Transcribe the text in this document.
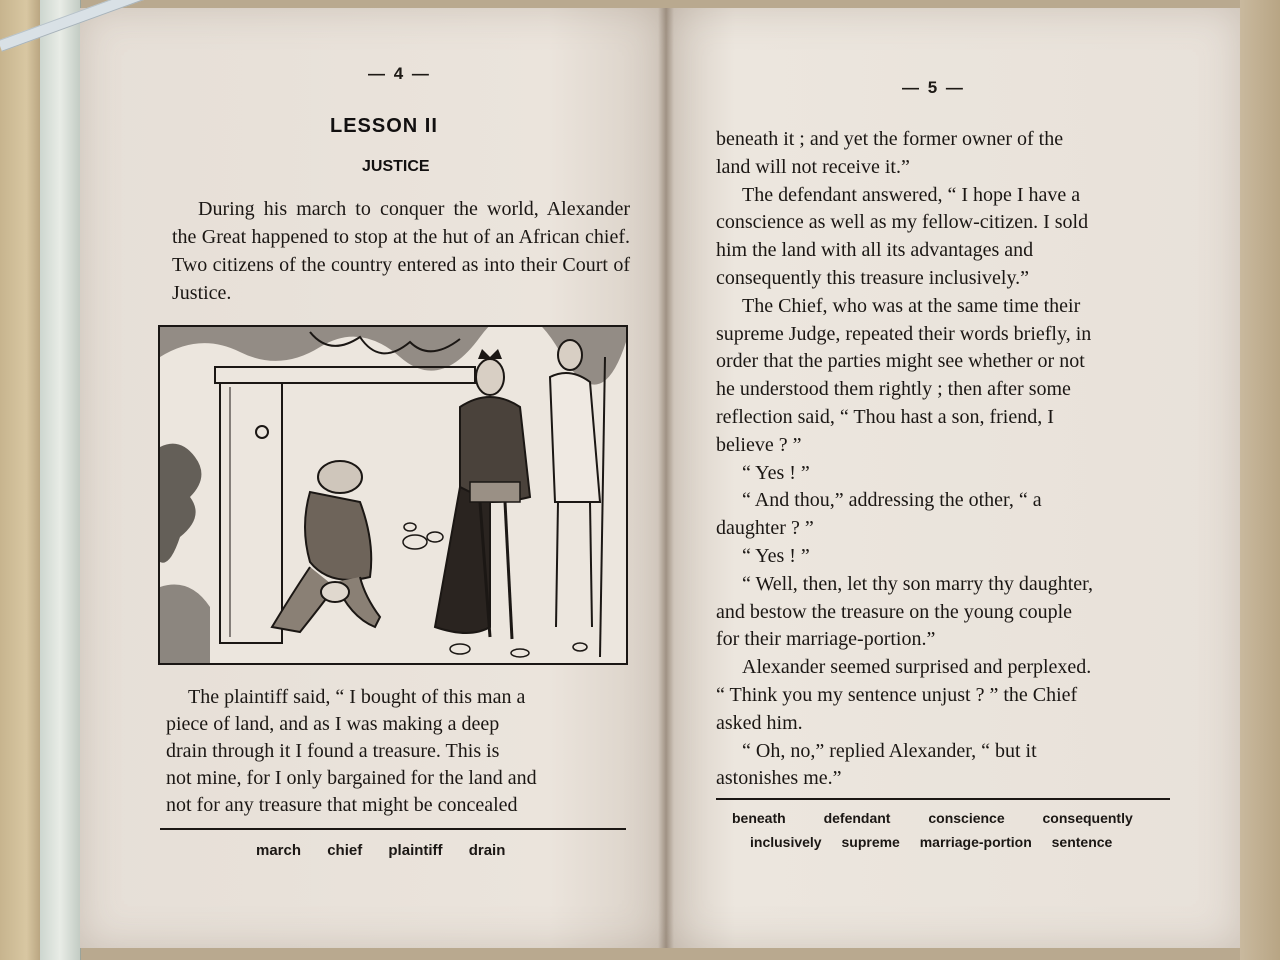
— 4 —
LESSON II
JUSTICE

During his march to conquer the world, Alexander the Great happened to stop at the hut of an African chief. Two citizens of the country entered as into their Court of Justice.

The plaintiff said, “ I bought of this man a

piece of land, and as I was making a deep

drain through it I found a treasure. This is

not mine, for I only bargained for the land and

not for any treasure that might be concealed

march chief plaintiff drain
— 5 —

beneath it ; and yet the former owner of the

land will not receive it.”

The defendant answered, “ I hope I have a

conscience as well as my fellow-citizen. I sold

him the land with all its advantages and

consequently this treasure inclusively.”

The Chief, who was at the same time their

supreme Judge, repeated their words briefly, in

order that the parties might see whether or not

he understood them rightly ; then after some

reflection said, “ Thou hast a son, friend, I

believe ? ”

“ Yes ! ”

“ And thou,” addressing the other, “ a

daughter ? ”

“ Yes ! ”

“ Well, then, let thy son marry thy daughter,

and bestow the treasure on the young couple

for their marriage-portion.”

Alexander seemed surprised and perplexed.

“ Think you my sentence unjust ? ” the Chief

asked him.

“ Oh, no,” replied Alexander, “ but it

astonishes me.”

beneath	defendant	conscience	consequently
inclusively supreme marriage-portion sentence
